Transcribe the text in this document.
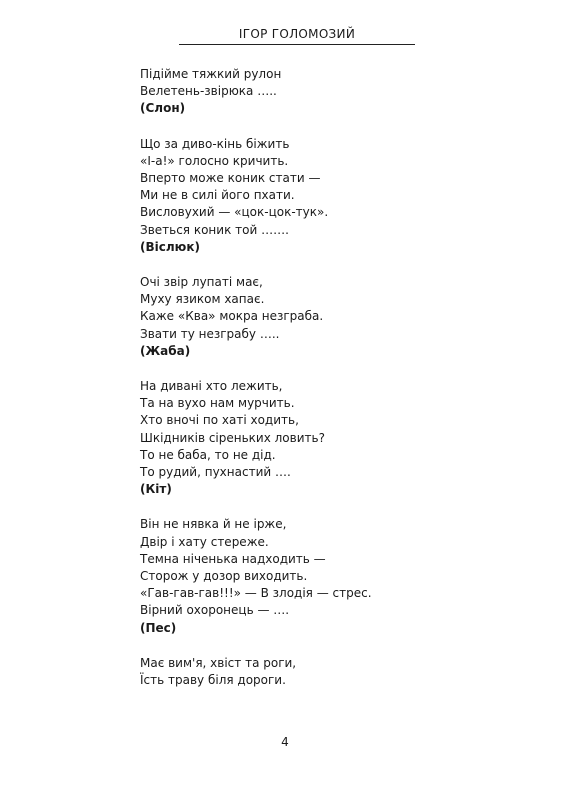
ІГОР ГОЛОМОЗИЙ
Підійме тяжкий рулон
Велетень-звірюка …..
(Слон)
Що за диво-кінь біжить
«І-а!» голосно кричить.
Вперто може коник стати —
Ми не в силі його пхати.
Висловухий — «цок-цок-тук».
Зветься коник той …….
(Віслюк)
Очі звір лупаті має,
Муху язиком хапає.
Каже «Ква» мокра незграба.
Звати ту незграбу …..
(Жаба)
На дивані хто лежить,
Та на вухо нам мурчить.
Хто вночі по хаті ходить,
Шкідників сіреньких ловить?
То не баба, то не дід.
То рудий, пухнастий ….
(Кіт)
Він не нявка й не ірже,
Двір і хату стереже.
Темна ніченька надходить —
Сторож у дозор виходить.
«Гав-гав-гав!!!» — В злодія — стрес.
Вірний охоронець — ….
(Пес)
Має вим'я, хвіст та роги,
Їсть траву біля дороги.
4
